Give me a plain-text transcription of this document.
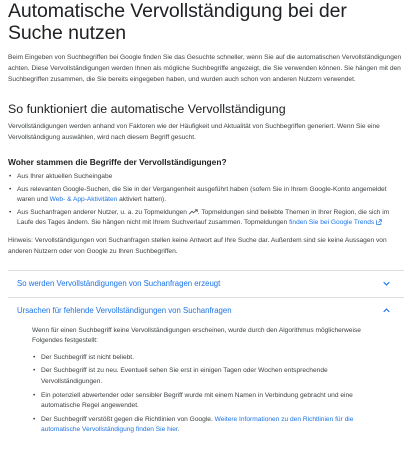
Automatische Vervollständigung bei der Suche nutzen

Beim Eingeben von Suchbegriffen bei Google finden Sie das Gesuchte schneller, wenn Sie auf die automatischen Vervollständigungen achten. Diese Vervollständigungen werden Ihnen als mögliche Suchbegriffe angezeigt, die Sie verwenden können. Sie hängen mit den Suchbegriffen zusammen, die Sie bereits eingegeben haben, und wurden auch schon von anderen Nutzern verwendet.

So funktioniert die automatische Vervollständigung

Vervollständigungen werden anhand von Faktoren wie der Häufigkeit und Aktualität von Suchbegriffen generiert. Wenn Sie eine Vervollständigung auswählen, wird nach diesem Begriff gesucht.

Woher stammen die Begriffe der Vervollständigungen?
• Aus Ihrer aktuellen Sucheingabe
• Aus relevanten Google-Suchen, die Sie in der Vergangenheit ausgeführt haben (sofern Sie in Ihrem Google-Konto angemeldet waren und Web- & App-Aktivitäten aktiviert hatten).
• Aus Suchanfragen anderer Nutzer, u. a. zu Topmeldungen . Topmeldungen sind beliebte Themen in Ihrer Region, die sich im Laufe des Tages ändern. Sie hängen nicht mit Ihrem Suchverlauf zusammen. Topmeldungen finden Sie bei Google Trends

Hinweis: Vervollständigungen von Suchanfragen stellen keine Antwort auf Ihre Suche dar. Außerdem sind sie keine Aussagen von anderen Nutzern oder von Google zu Ihren Suchbegriffen.

So werden Vervollständigungen von Suchanfragen erzeugt
Ursachen für fehlende Vervollständigungen von Suchanfragen

Wenn für einen Suchbegriff keine Vervollständigungen erscheinen, wurde durch den Algorithmus möglicherweise Folgendes festgestellt:

• Der Suchbegriff ist nicht beliebt.
• Der Suchbegriff ist zu neu. Eventuell sehen Sie erst in einigen Tagen oder Wochen entsprechende Vervollständigungen.
• Ein potenziell abwertender oder sensibler Begriff wurde mit einem Namen in Verbindung gebracht und eine automatische Regel angewendet.
• Der Suchbegriff verstößt gegen die Richtlinien von Google. Weitere Informationen zu den Richtlinien für die automatische Vervollständigung finden Sie hier.
